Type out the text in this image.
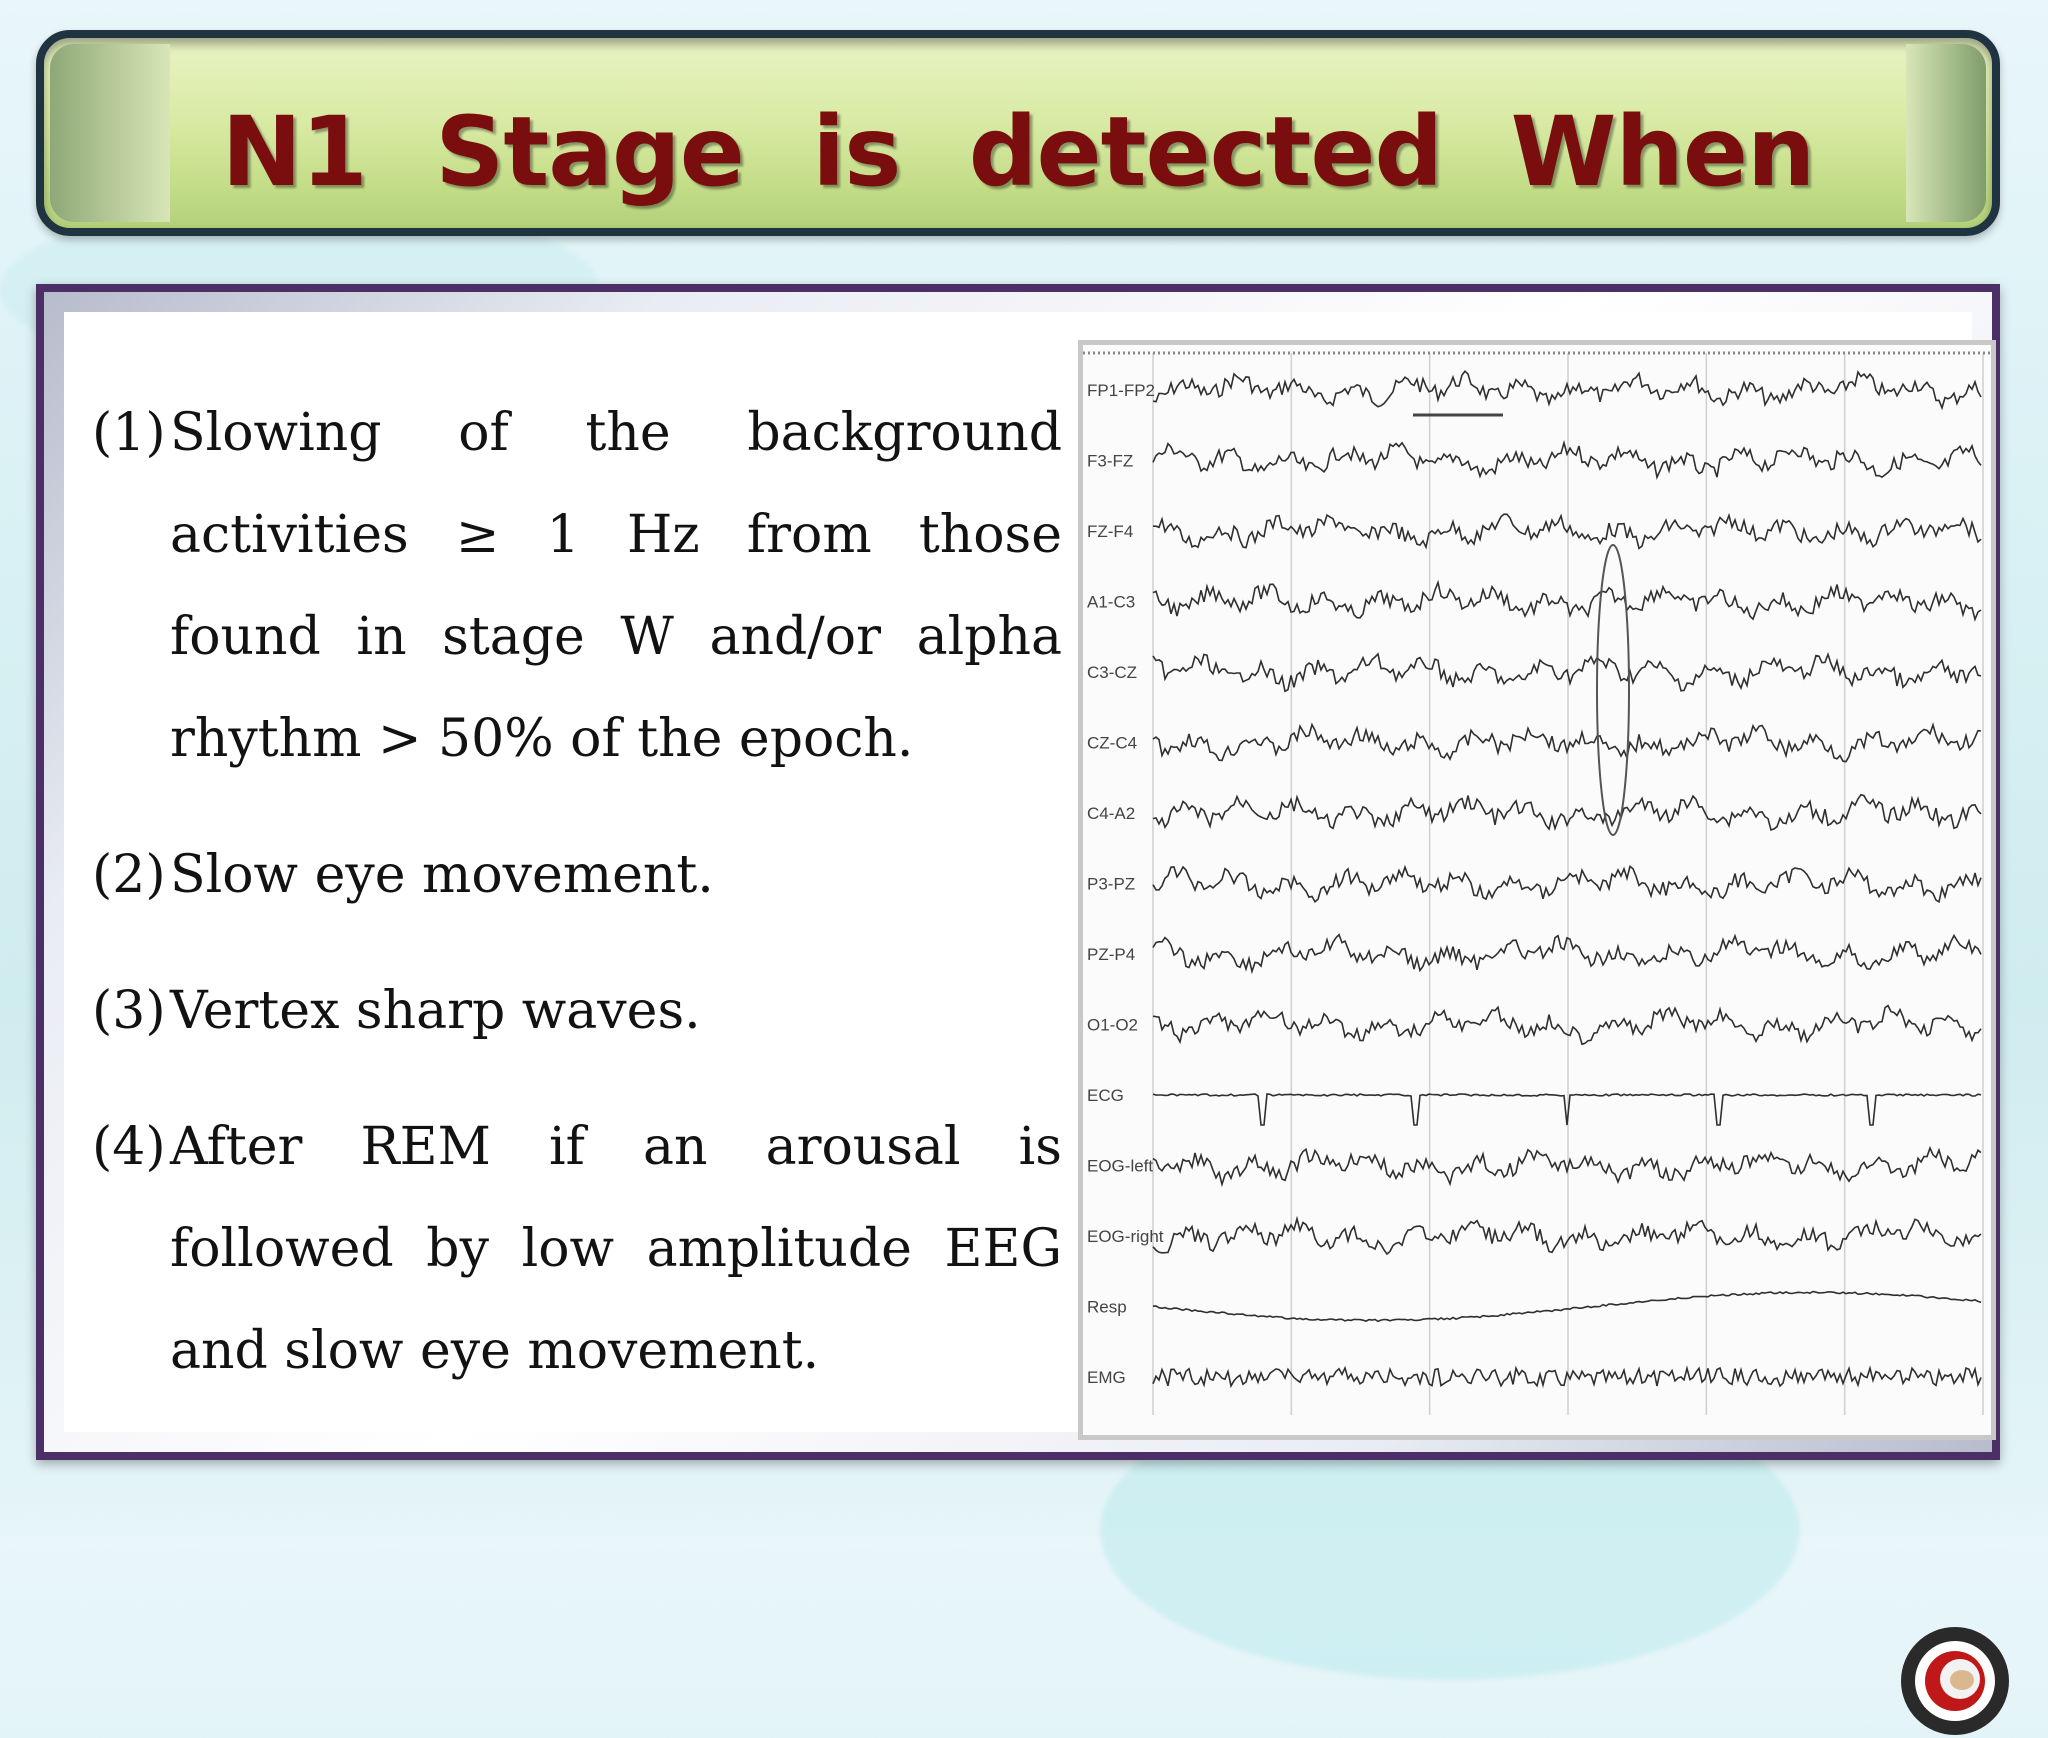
N1 Stage is detected When
(1) Slowing of the background activities ≥ 1 Hz from those found in stage W and/or alpha rhythm > 50% of the epoch.
(2) Slow eye movement.
(3) Vertex sharp waves.
(4) After REM if an arousal is followed by low amplitude EEG and slow eye movement.
FP1-FP2
F3-FZ
FZ-F4
A1-C3
C3-CZ
CZ-C4
C4-A2
P3-PZ
PZ-P4
O1-O2
ECG
EOG-left
EOG-right
Resp
EMG
